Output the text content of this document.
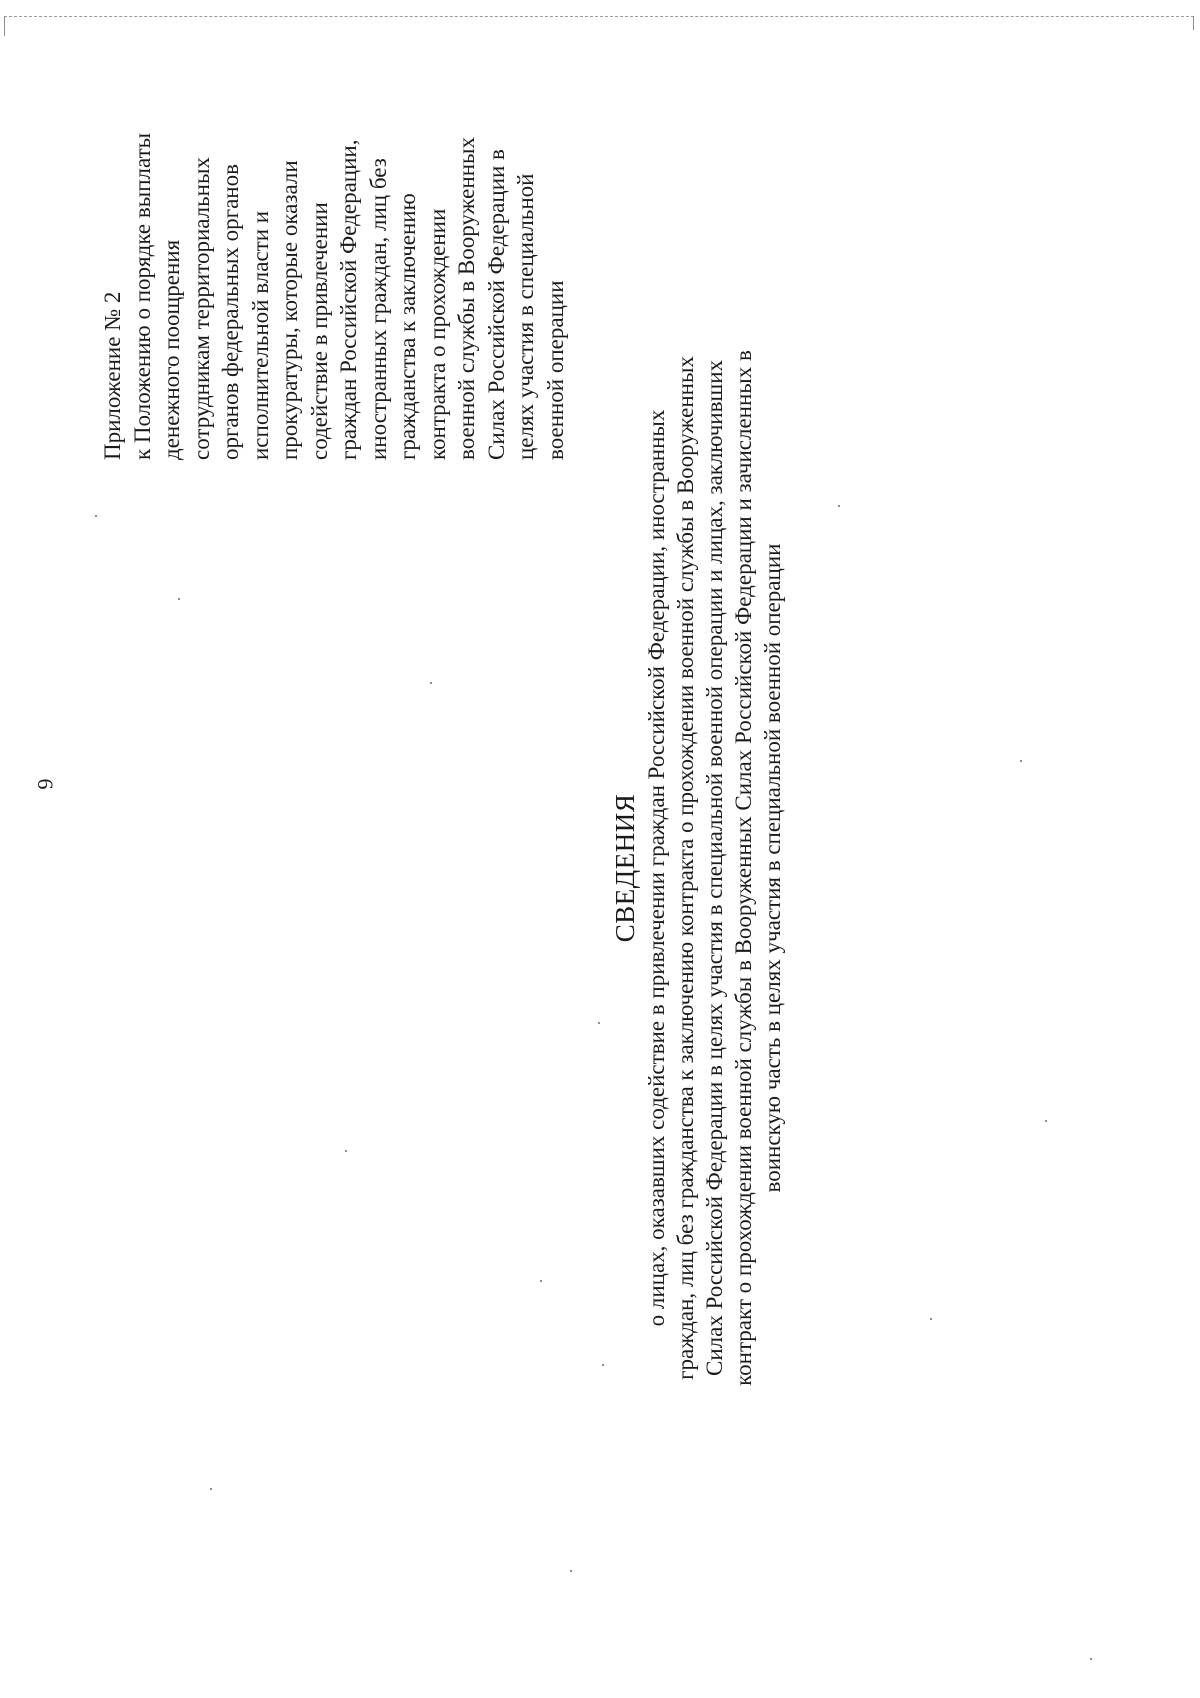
6
Приложение № 2 к Положению о порядке выплаты денежного поощрения сотрудникам территориальных органов федеральных органов исполнительной власти и прокуратуры, которые оказали содействие в привлечении граждан Российской Федерации, иностранных граждан, лиц без гражданства к заключению контракта о прохождении военной службы в Вооруженных Силах Российской Федерации в целях участия в специальной военной операции
СВЕДЕНИЯ о лицах, оказавших содействие в привлечении граждан Российской Федерации, иностранных граждан, лиц без гражданства к заключению контракта о прохождении военной службы в Вооруженных Силах Российской Федерации в целях участия в специальной военной операции и лицах, заключивших контракт о прохождении военной службы в Вооруженных Силах Российской Федерации и зачисленных в воинскую часть в целях участия в специальной военной операции
